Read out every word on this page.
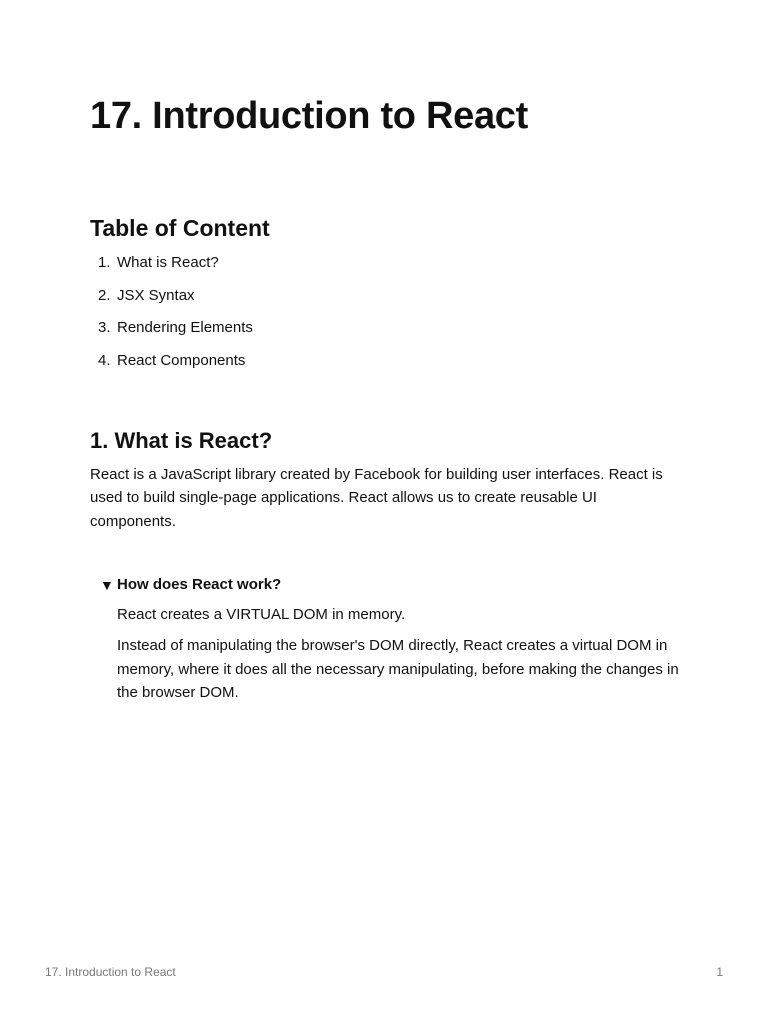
17. Introduction to React
Table of Content
1. What is React?
2. JSX Syntax
3. Rendering Elements
4. React Components
1. What is React?

React is a JavaScript library created by Facebook for building user interfaces. React is used to build single-page applications. React allows us to create reusable UI components.

▼ How does React work?

React creates a VIRTUAL DOM in memory.

Instead of manipulating the browser's DOM directly, React creates a virtual DOM in memory, where it does all the necessary manipulating, before making the changes in the browser DOM.

17. Introduction to React	1
